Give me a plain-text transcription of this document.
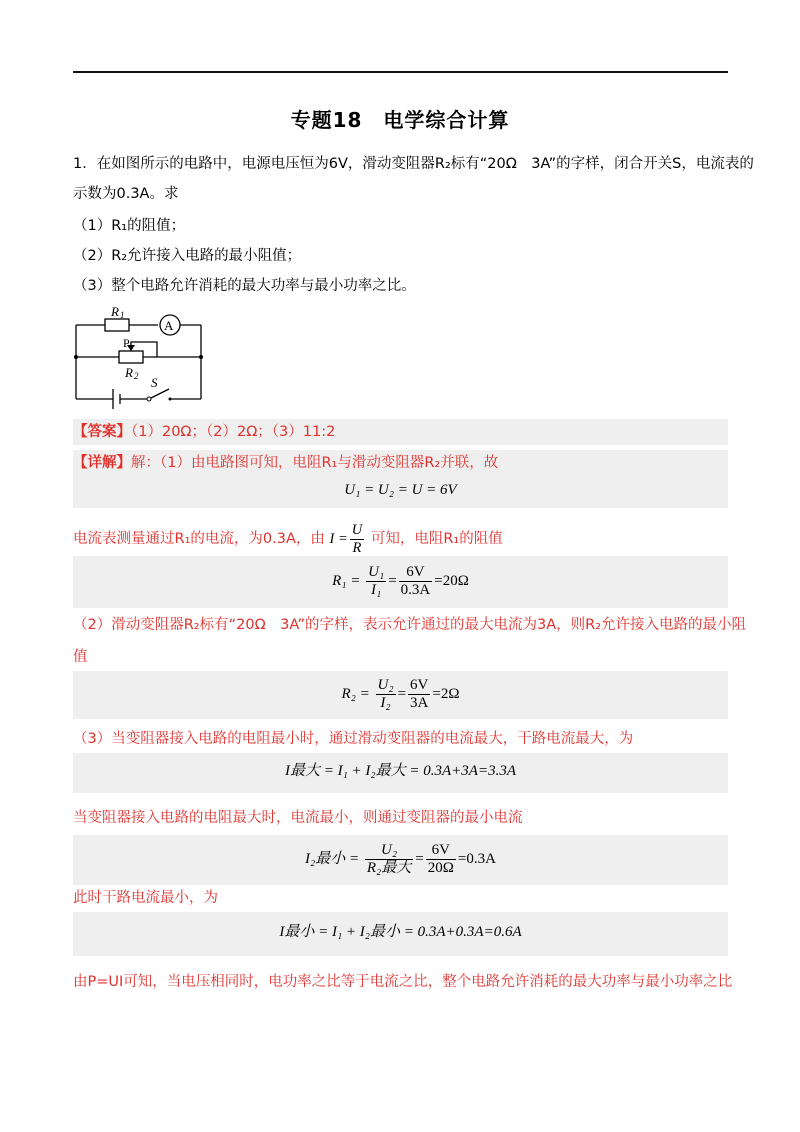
专题18　电学综合计算
1．在如图所示的电路中，电源电压恒为6V，滑动变阻器R₂标有“20Ω　3A”的字样，闭合开关S，电流表的
示数为0.3A。求
（1）R₁的阻值；
（2）R₂允许接入电路的最小阻值；
（3）整个电路允许消耗的最大功率与最小功率之比。
R 1
A
P
R 2 S
【答案】（1）20Ω；（2）2Ω；（3）11:2
【详解】解：（1）由电路图可知，电阻R₁与滑动变阻器R₂并联，故
U₁ = U₂ = U = 6V
电流表测量通过R₁的电流，为0.3A，由 $I = \frac{U}{R}$ 可知，电阻R₁的阻值
$R_1 = \frac{\text{U₁}}{\text{I₁}} = \frac{6V}{0.3A} =20\Omega$
（2）滑动变阻器R₂标有“20Ω　3A”的字样，表示允许通过的最大电流为3A，则R₂允许接入电路的最小阻
值
$R_2 = \frac{\text{U₂}}{\text{I₂}} = \frac{6V}{3A} =2\Omega$
（3）当变阻器接入电路的电阻最小时，通过滑动变阻器的电流最大，干路电流最大，为
I最大 = I₁ + I₂最大 = 0.3A+3A=3.3A
当变阻器接入电路的电阻最大时，电流最小，则通过变阻器的最小电流
I₂最小 = $\frac{\text{U₂}}{\text{R₂最大}} = \frac{6V}{20\Omega} =0.3A$
此时干路电流最小，为
I最小 = I₁ + I₂最小 = 0.3A+0.3A=0.6A
由P=UI可知，当电压相同时，电功率之比等于电流之比，整个电路允许消耗的最大功率与最小功率之比
